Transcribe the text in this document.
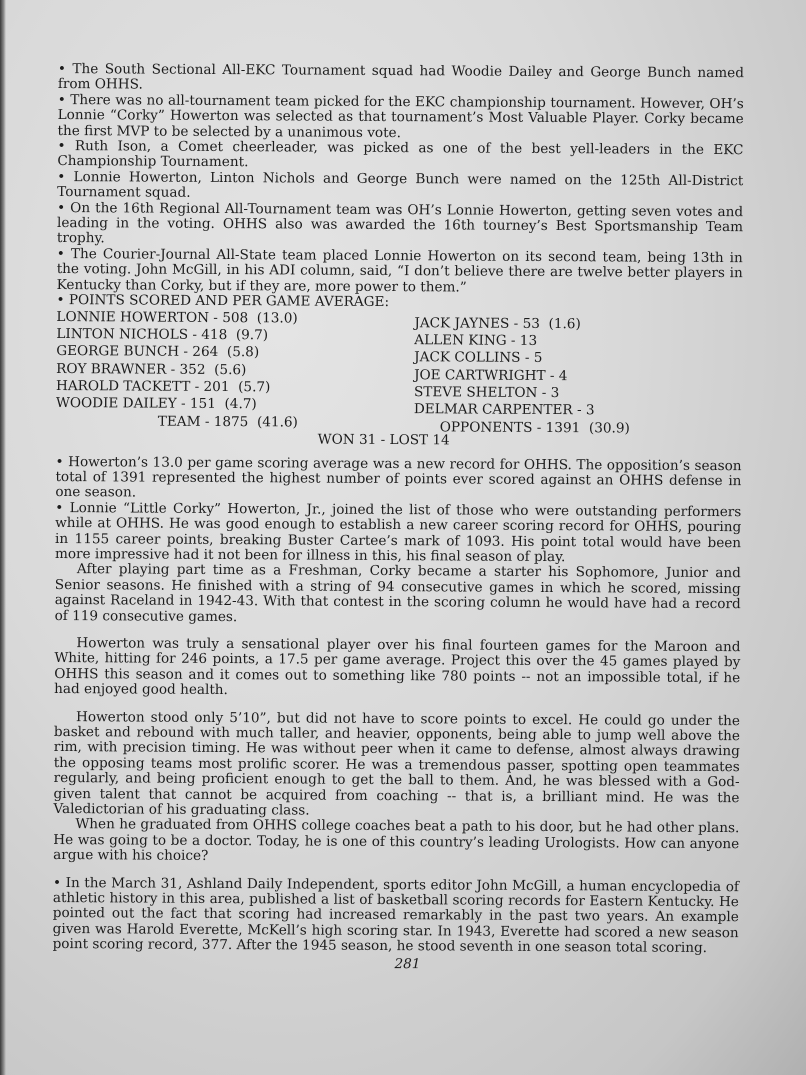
• The South Sectional All-EKC Tournament squad had Woodie Dailey and George Bunch named from OHHS.

• There was no all-tournament team picked for the EKC championship tournament. However, OH’s Lonnie “Corky” Howerton was selected as that tournament’s Most Valuable Player. Corky became the first MVP to be selected by a unanimous vote.

• Ruth Ison, a Comet cheerleader, was picked as one of the best yell-leaders in the EKC Championship Tournament.

• Lonnie Howerton, Linton Nichols and George Bunch were named on the 125th All-District Tournament squad.

• On the 16th Regional All-Tournament team was OH’s Lonnie Howerton, getting seven votes and leading in the voting. OHHS also was awarded the 16th tourney’s Best Sportsmanship Team trophy.

• The Courier-Journal All-State team placed Lonnie Howerton on its second team, being 13th in the voting. John McGill, in his ADI column, said, “I don’t believe there are twelve better players in Kentucky than Corky, but if they are, more power to them.”

• POINTS SCORED AND PER GAME AVERAGE:

LONNIE HOWERTON - 508  (13.0)
LINTON NICHOLS - 418  (9.7)
GEORGE BUNCH - 264  (5.8)
ROY BRAWNER - 352  (5.6)
HAROLD TACKETT - 201  (5.7)
WOODIE DAILEY - 151  (4.7)
TEAM - 1875  (41.6)
JACK JAYNES - 53  (1.6)
ALLEN KING - 13
JACK COLLINS - 5
JOE CARTWRIGHT - 4
STEVE SHELTON - 3
DELMAR CARPENTER - 3
OPPONENTS - 1391  (30.9)
WON 31 - LOST 14

• Howerton’s 13.0 per game scoring average was a new record for OHHS. The opposition’s season total of 1391 represented the highest number of points ever scored against an OHHS defense in one season.

• Lonnie “Little Corky” Howerton, Jr., joined the list of those who were outstanding performers while at OHHS. He was good enough to establish a new career scoring record for OHHS, pouring in 1155 career points, breaking Buster Cartee’s mark of 1093. His point total would have been more impressive had it not been for illness in this, his final season of play.

After playing part time as a Freshman, Corky became a starter his Sophomore, Junior and Senior seasons. He finished with a string of 94 consecutive games in which he scored, missing against Raceland in 1942-43. With that contest in the scoring column he would have had a record of 119 consecutive games.

Howerton was truly a sensational player over his final fourteen games for the Maroon and White, hitting for 246 points, a 17.5 per game average. Project this over the 45 games played by OHHS this season and it comes out to something like 780 points -- not an impossible total, if he had enjoyed good health.

Howerton stood only 5’10”, but did not have to score points to excel. He could go under the basket and rebound with much taller, and heavier, opponents, being able to jump well above the rim, with precision timing. He was without peer when it came to defense, almost always drawing the opposing teams most prolific scorer. He was a tremendous passer, spotting open teammates regularly, and being proficient enough to get the ball to them. And, he was blessed with a God-given talent that cannot be acquired from coaching -- that is, a brilliant mind. He was the Valedictorian of his graduating class.

When he graduated from OHHS college coaches beat a path to his door, but he had other plans. He was going to be a doctor. Today, he is one of this country’s leading Urologists. How can anyone argue with his choice?

• In the March 31, Ashland Daily Independent, sports editor John McGill, a human encyclopedia of athletic history in this area, published a list of basketball scoring records for Eastern Kentucky. He pointed out the fact that scoring had increased remarkably in the past two years. An example given was Harold Everette, McKell’s high scoring star. In 1943, Everette had scored a new season point scoring record, 377. After the 1945 season, he stood seventh in one season total scoring.

281
